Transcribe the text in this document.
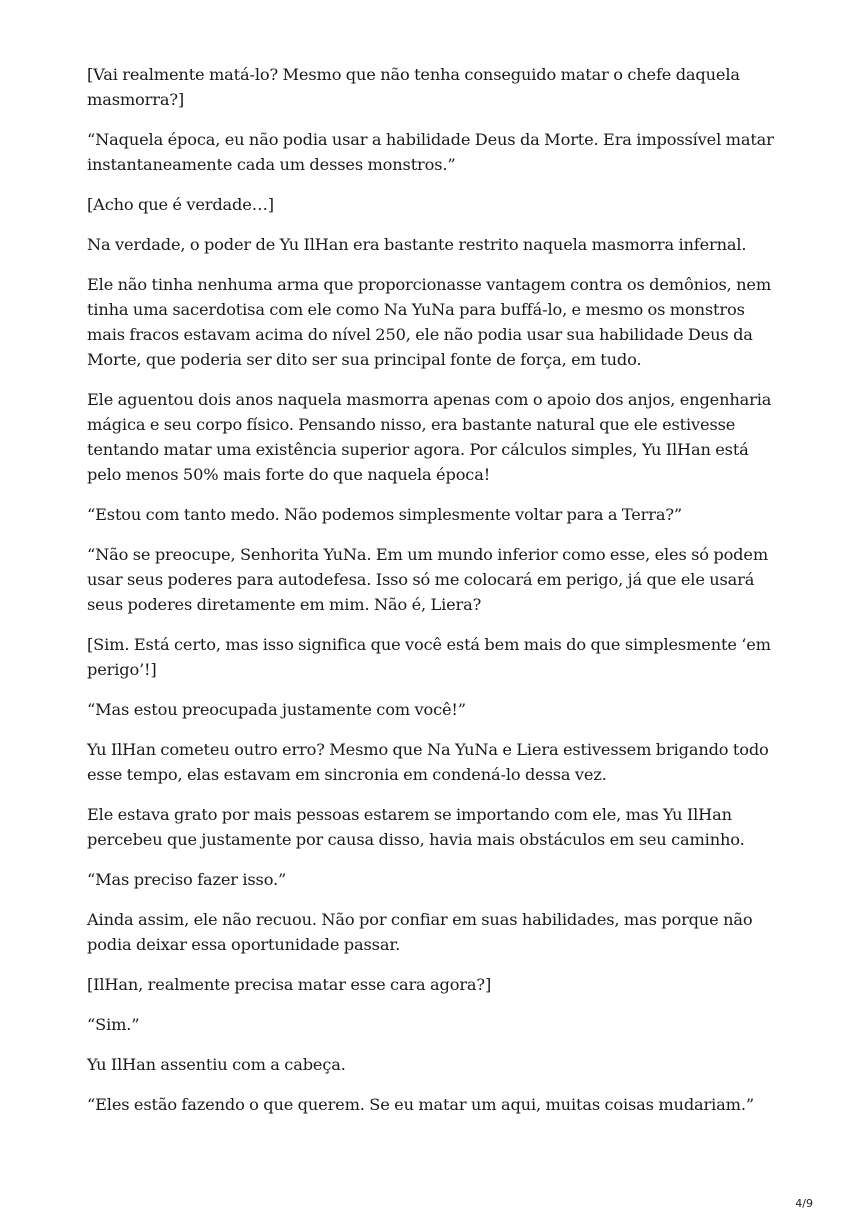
[Vai realmente matá-lo? Mesmo que não tenha conseguido matar o chefe daquela masmorra?]

“Naquela época, eu não podia usar a habilidade Deus da Morte. Era impossível matar instantaneamente cada um desses monstros.”

[Acho que é verdade…]

Na verdade, o poder de Yu IlHan era bastante restrito naquela masmorra infernal.

Ele não tinha nenhuma arma que proporcionasse vantagem contra os demônios, nem tinha uma sacerdotisa com ele como Na YuNa para buffá-lo, e mesmo os monstros mais fracos estavam acima do nível 250, ele não podia usar sua habilidade Deus da Morte, que poderia ser dito ser sua principal fonte de força, em tudo.

Ele aguentou dois anos naquela masmorra apenas com o apoio dos anjos, engenharia mágica e seu corpo físico. Pensando nisso, era bastante natural que ele estivesse tentando matar uma existência superior agora. Por cálculos simples, Yu IlHan está pelo menos 50% mais forte do que naquela época!

“Estou com tanto medo. Não podemos simplesmente voltar para a Terra?”

“Não se preocupe, Senhorita YuNa. Em um mundo inferior como esse, eles só podem usar seus poderes para autodefesa. Isso só me colocará em perigo, já que ele usará seus poderes diretamente em mim. Não é, Liera?

[Sim. Está certo, mas isso significa que você está bem mais do que simplesmente ‘em perigo’!]

“Mas estou preocupada justamente com você!”

Yu IlHan cometeu outro erro? Mesmo que Na YuNa e Liera estivessem brigando todo esse tempo, elas estavam em sincronia em condená-lo dessa vez.

Ele estava grato por mais pessoas estarem se importando com ele, mas Yu IlHan percebeu que justamente por causa disso, havia mais obstáculos em seu caminho.

“Mas preciso fazer isso.”

Ainda assim, ele não recuou. Não por confiar em suas habilidades, mas porque não podia deixar essa oportunidade passar.

[IlHan, realmente precisa matar esse cara agora?]

“Sim.”

Yu IlHan assentiu com a cabeça.

“Eles estão fazendo o que querem. Se eu matar um aqui, muitas coisas mudariam.”

4/9
